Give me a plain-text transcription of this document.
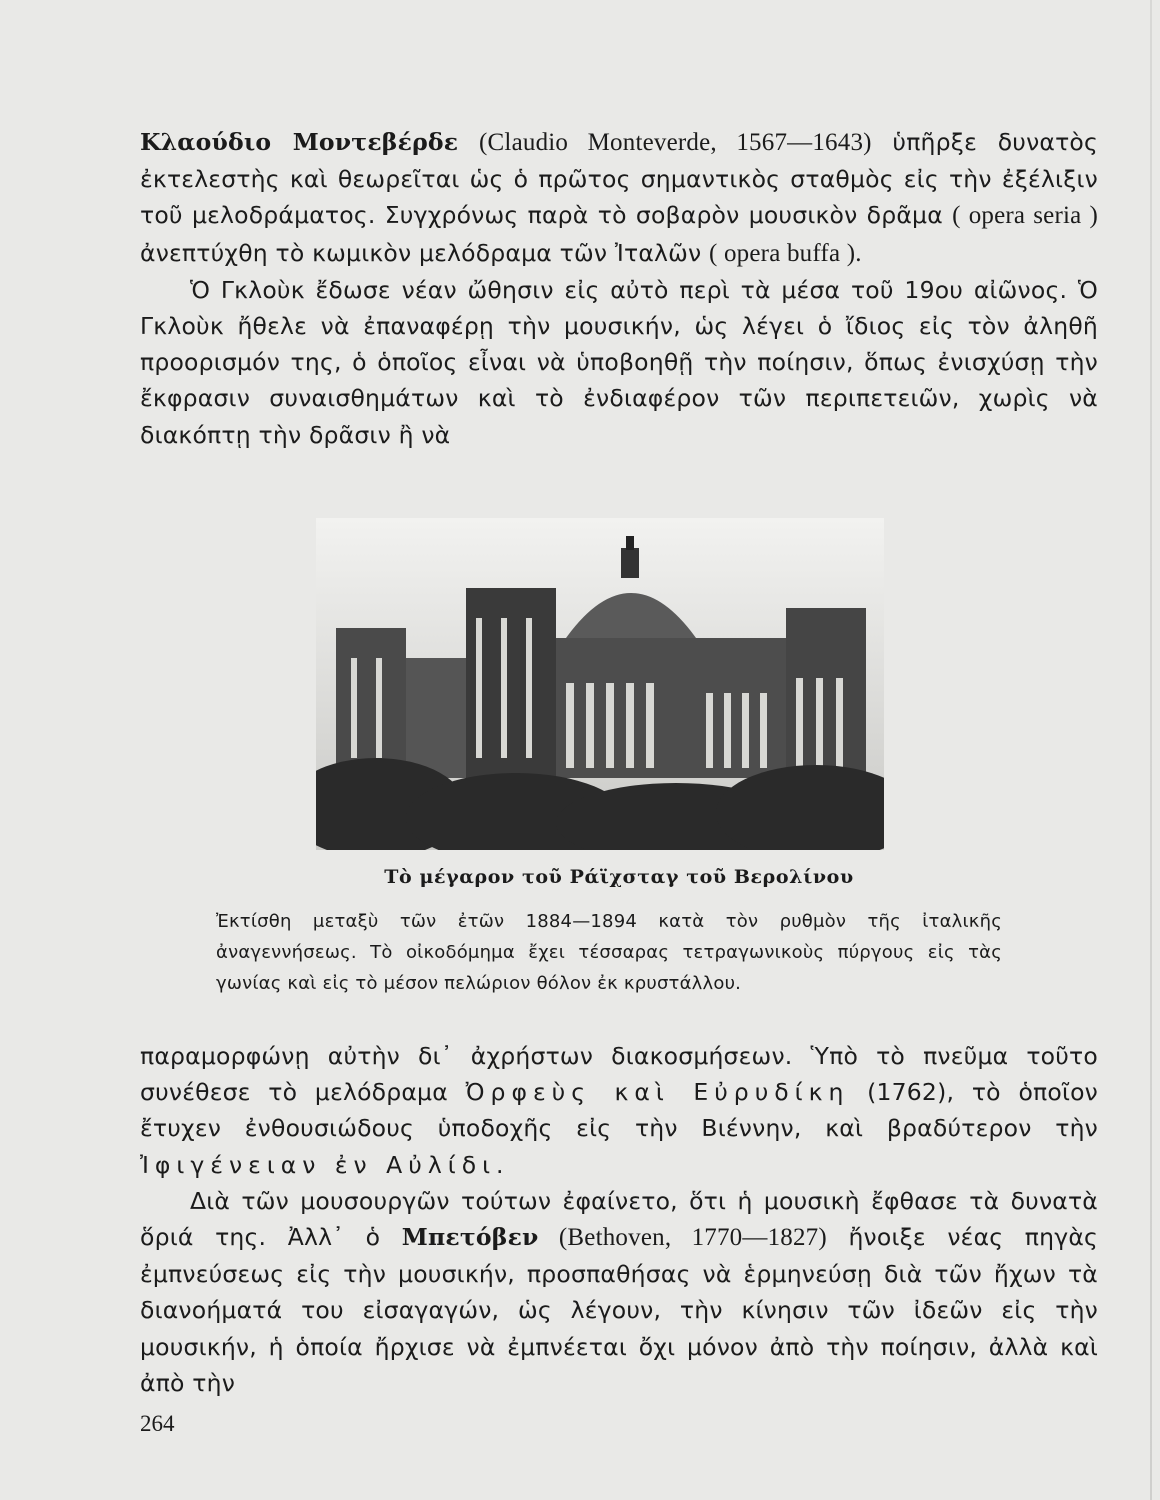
Κλαούδιο Μοντεβέρδε (Claudio Monteverde, 1567—1643) ὑπῆρξε δυνατὸς ἐκτελεστὴς καὶ θεωρεῖται ὡς ὁ πρῶτος σημαντικὸς σταθμὸς εἰς τὴν ἐξέλιξιν τοῦ μελοδράματος. Συγχρόνως παρὰ τὸ σοβαρὸν μουσικὸν δρᾶμα ( opera seria ) ἀνεπτύχθη τὸ κωμικὸν μελόδραμα τῶν Ἰταλῶν ( opera buffa ).

Ὁ Γκλοὺκ ἔδωσε νέαν ὤθησιν εἰς αὐτὸ περὶ τὰ μέσα τοῦ 19ου αἰῶνος. Ὁ Γκλοὺκ ἤθελε νὰ ἐπαναφέρῃ τὴν μουσικήν, ὡς λέγει ὁ ἴδιος εἰς τὸν ἀληθῆ προορισμόν της, ὁ ὁποῖος εἶναι νὰ ὑποβοηθῇ τὴν ποίησιν, ὅπως ἐνισχύσῃ τὴν ἔκφρασιν συναισθημάτων καὶ τὸ ἐνδιαφέρον τῶν περιπετειῶν, χωρὶς νὰ διακόπτῃ τὴν δρᾶσιν ἢ νὰ

Τὸ μέγαρον τοῦ Ράϊχσταγ τοῦ Βερολίνου
Ἐκτίσθη μεταξὺ τῶν ἐτῶν 1884—1894 κατὰ τὸν ρυθμὸν τῆς ἰταλικῆς ἀναγεννήσεως. Τὸ οἰκοδόμημα ἔχει τέσσαρας τετραγωνικοὺς πύργους εἰς τὰς γωνίας καὶ εἰς τὸ μέσον πελώριον θόλον ἐκ κρυστάλλου.

παραμορφώνῃ αὐτὴν δι᾽ ἀχρήστων διακοσμήσεων. Ὑπὸ τὸ πνεῦμα τοῦτο συνέθεσε τὸ μελόδραμα Ὀρφεὺς καὶ Εὐρυδίκη (1762), τὸ ὁποῖον ἔτυχεν ἐνθουσιώδους ὑποδοχῆς εἰς τὴν Βιέννην, καὶ βραδύτερον τὴν Ἰφιγένειαν ἐν Αὐλίδι.

Διὰ τῶν μουσουργῶν τούτων ἐφαίνετο, ὅτι ἡ μουσικὴ ἔφθασε τὰ δυνατὰ ὅριά της. Ἀλλ᾽ ὁ Μπετόβεν (Bethoven, 1770—1827) ἤνοιξε νέας πηγὰς ἐμπνεύσεως εἰς τὴν μουσικήν, προσπαθήσας νὰ ἑρμηνεύσῃ διὰ τῶν ἤχων τὰ διανοήματά του εἰσαγαγών, ὡς λέγουν, τὴν κίνησιν τῶν ἰδεῶν εἰς τὴν μουσικήν, ἡ ὁποία ἤρχισε νὰ ἐμπνέεται ὄχι μόνον ἀπὸ τὴν ποίησιν, ἀλλὰ καὶ ἀπὸ τὴν

264
